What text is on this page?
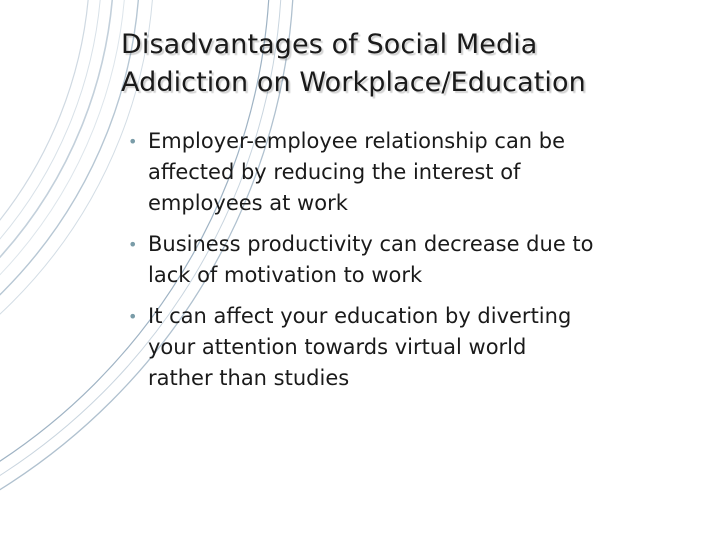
Disadvantages of Social Media
Addiction on Workplace/Education
• Employer-employee relationship can be
affected by reducing the interest of
employees at work
• Business productivity can decrease due to
lack of motivation to work
• It can affect your education by diverting
your attention towards virtual world
rather than studies
